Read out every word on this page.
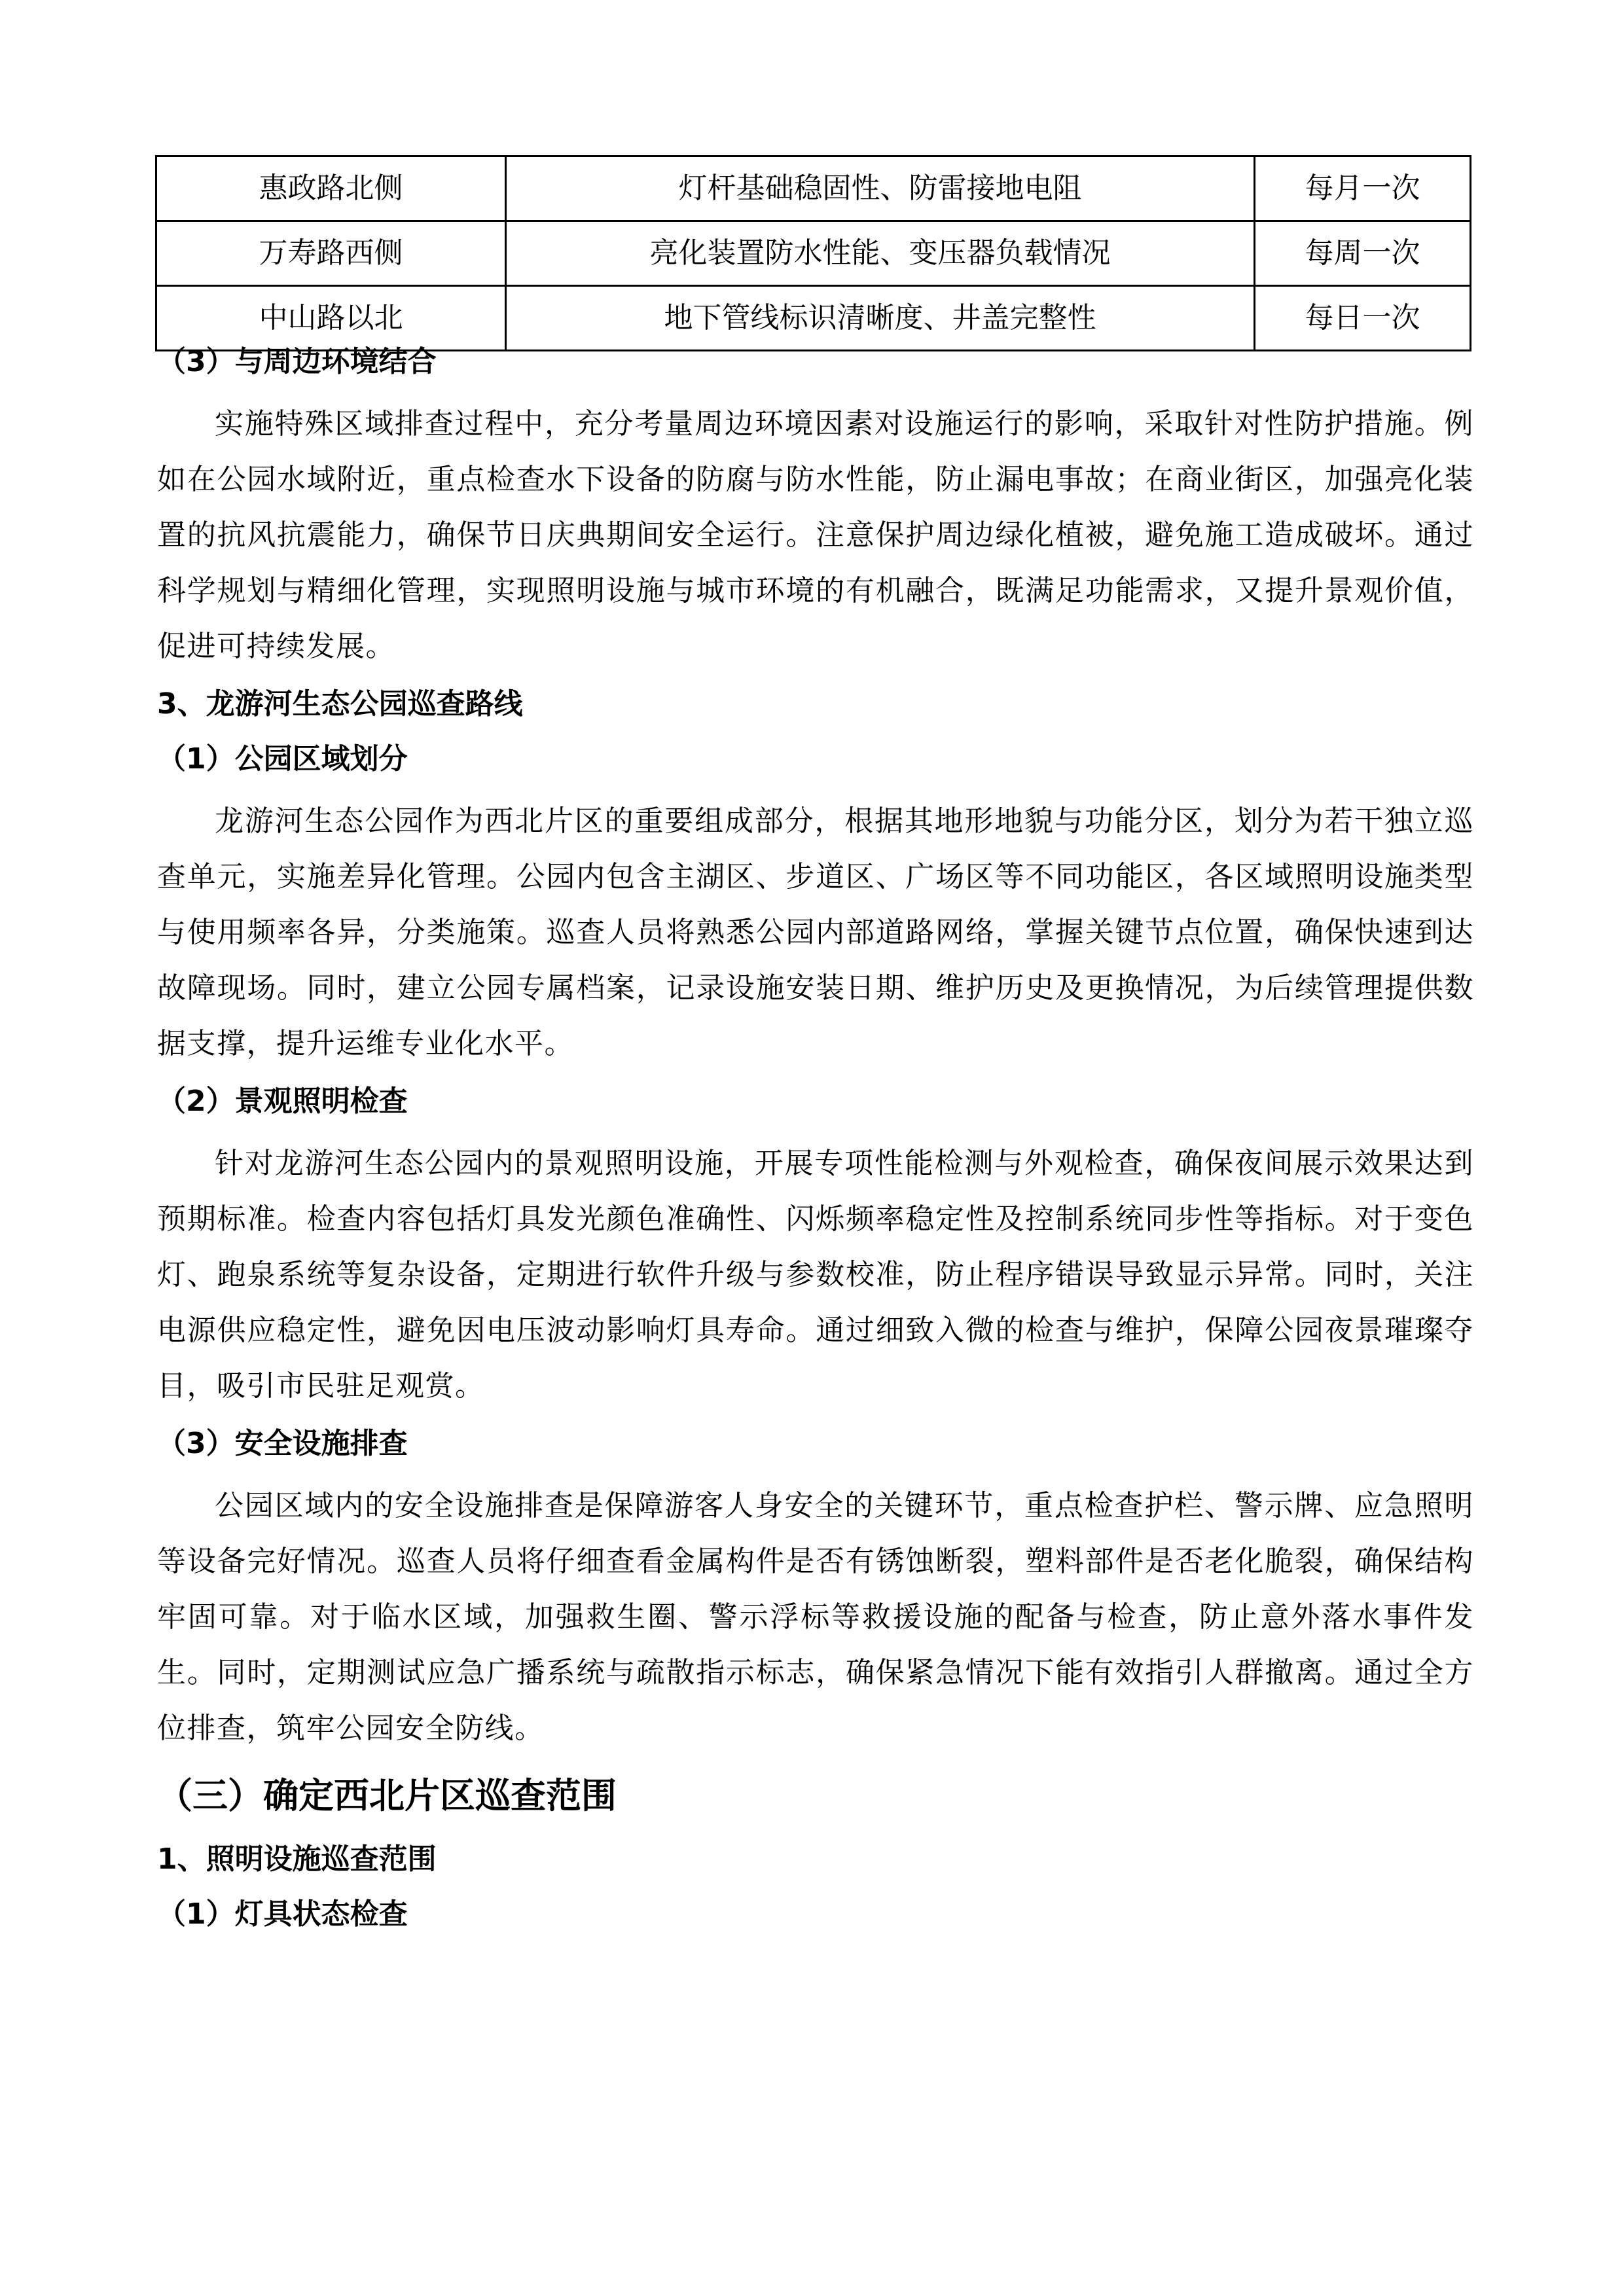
惠政路北侧	灯杆基础稳固性、防雷接地电阻	每月一次
万寿路西侧	亮化装置防水性能、变压器负载情况	每周一次
中山路以北	地下管线标识清晰度、井盖完整性	每日一次
（3）与周边环境结合

实施特殊区域排查过程中，充分考量周边环境因素对设施运行的影响，采取针对性防护措施。例如在公园水域附近，重点检查水下设备的防腐与防水性能，防止漏电事故；在商业街区，加强亮化装置的抗风抗震能力，确保节日庆典期间安全运行。注意保护周边绿化植被，避免施工造成破坏。通过科学规划与精细化管理，实现照明设施与城市环境的有机融合，既满足功能需求，又提升景观价值，促进可持续发展。

3、龙游河生态公园巡查路线
（1）公园区域划分

龙游河生态公园作为西北片区的重要组成部分，根据其地形地貌与功能分区，划分为若干独立巡查单元，实施差异化管理。公园内包含主湖区、步道区、广场区等不同功能区，各区域照明设施类型与使用频率各异，分类施策。巡查人员将熟悉公园内部道路网络，掌握关键节点位置，确保快速到达故障现场。同时，建立公园专属档案，记录设施安装日期、维护历史及更换情况，为后续管理提供数据支撑，提升运维专业化水平。

（2）景观照明检查

针对龙游河生态公园内的景观照明设施，开展专项性能检测与外观检查，确保夜间展示效果达到预期标准。检查内容包括灯具发光颜色准确性、闪烁频率稳定性及控制系统同步性等指标。对于变色灯、跑泉系统等复杂设备，定期进行软件升级与参数校准，防止程序错误导致显示异常。同时，关注电源供应稳定性，避免因电压波动影响灯具寿命。通过细致入微的检查与维护，保障公园夜景璀璨夺目，吸引市民驻足观赏。

（3）安全设施排查

公园区域内的安全设施排查是保障游客人身安全的关键环节，重点检查护栏、警示牌、应急照明等设备完好情况。巡查人员将仔细查看金属构件是否有锈蚀断裂，塑料部件是否老化脆裂，确保结构牢固可靠。对于临水区域，加强救生圈、警示浮标等救援设施的配备与检查，防止意外落水事件发生。同时，定期测试应急广播系统与疏散指示标志，确保紧急情况下能有效指引人群撤离。通过全方位排查，筑牢公园安全防线。

（三）确定西北片区巡查范围
1、照明设施巡查范围
（1）灯具状态检查
